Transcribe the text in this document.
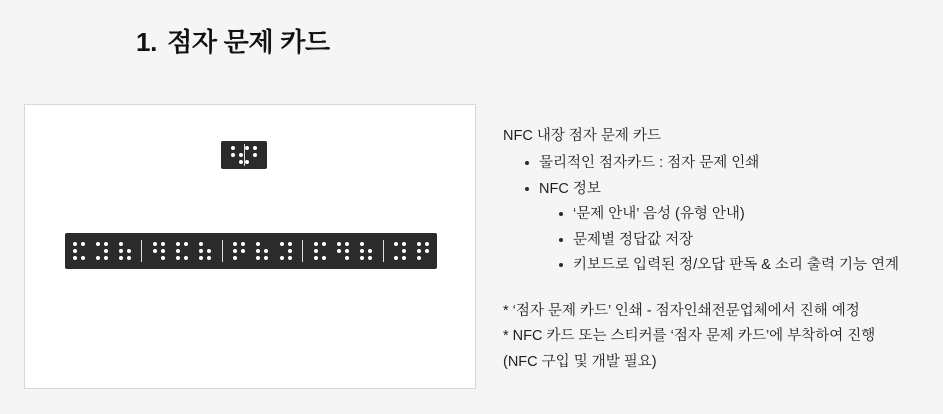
1. 점자 문제 카드

NFC 내장 점자 문제 카드

물리적인 점자카드 : 점자 문제 인쇄
NFC 정보
‘문제 안내’ 음성 (유형 안내)
문제별 정답값 저장
키보드로 입력된 정/오답 판독 & 소리 출력 기능 연계

* ‘점자 문제 카드’ 인쇄 - 점자인쇄전문업체에서 진해 예정

* NFC 카드 또는 스티커를 ‘점자 문제 카드’에 부착하여 진행

(NFC 구입 및 개발 필요)
